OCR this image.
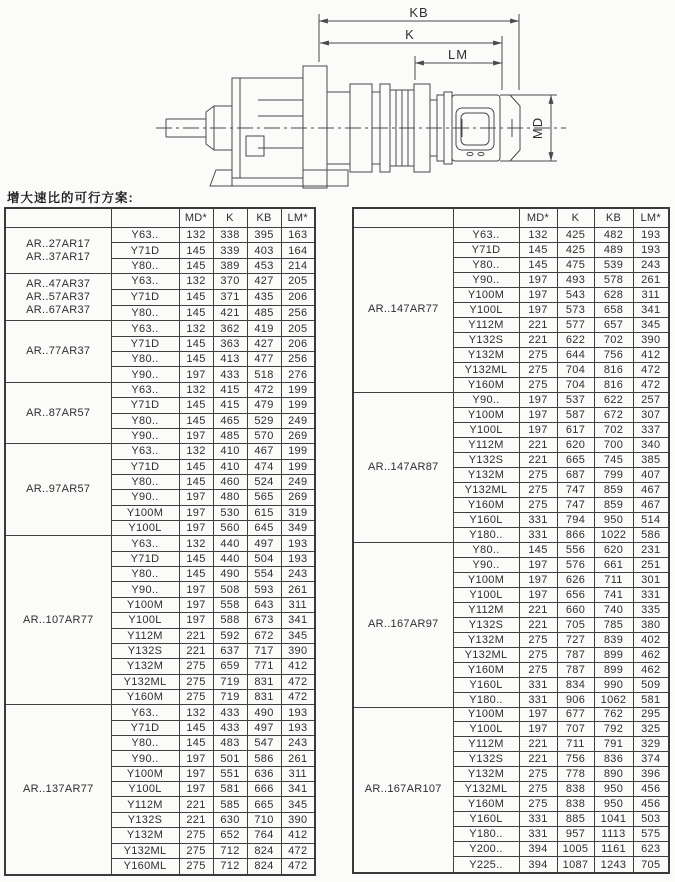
KB
K
LM
MD
增大速比的可行方案:
		MD*	K	KB	LM*

AR..27AR17
AR..37AR17	Y63..	132	338	395	163
	Y71D	145	339	403	164
	Y80..	145	389	453	214

AR..47AR37
AR..57AR37
AR..67AR37	Y63..	132	370	427	205
	Y71D	145	371	435	206
	Y80..	145	421	485	256

AR..77AR37	Y63..	132	362	419	205
	Y71D	145	363	427	206
	Y80..	145	413	477	256
	Y90..	197	433	518	276

AR..87AR57	Y63..	132	415	472	199
	Y71D	145	415	479	199
	Y80..	145	465	529	249
	Y90..	197	485	570	269

AR..97AR57	Y63..	132	410	467	199
	Y71D	145	410	474	199
	Y80..	145	460	524	249
	Y90..	197	480	565	269
	Y100M	197	530	615	319
	Y100L	197	560	645	349

AR..107AR77	Y63..	132	440	497	193
	Y71D	145	440	504	193
	Y80..	145	490	554	243
	Y90..	197	508	593	261
	Y100M	197	558	643	311
	Y100L	197	588	673	341
	Y112M	221	592	672	345
	Y132S	221	637	717	390
	Y132M	275	659	771	412
	Y132ML	275	719	831	472
	Y160M	275	719	831	472

AR..137AR77	Y63..	132	433	490	193
	Y71D	145	433	497	193
	Y80..	145	483	547	243
	Y90..	197	501	586	261
	Y100M	197	551	636	311
	Y100L	197	581	666	341
	Y112M	221	585	665	345
	Y132S	221	630	710	390
	Y132M	275	652	764	412
	Y132ML	275	712	824	472
	Y160ML	275	712	824	472
		MD*	K	KB	LM*

AR..147AR77	Y63..	132	425	482	193
	Y71D	145	425	489	193
	Y80..	145	475	539	243
	Y90..	197	493	578	261
	Y100M	197	543	628	311
	Y100L	197	573	658	341
	Y112M	221	577	657	345
	Y132S	221	622	702	390
	Y132M	275	644	756	412
	Y132ML	275	704	816	472
	Y160M	275	704	816	472

AR..147AR87	Y90..	197	537	622	257
	Y100M	197	587	672	307
	Y100L	197	617	702	337
	Y112M	221	620	700	340
	Y132S	221	665	745	385
	Y132M	275	687	799	407
	Y132ML	275	747	859	467
	Y160M	275	747	859	467
	Y160L	331	794	950	514
	Y180..	331	866	1022	586

AR..167AR97	Y80..	145	556	620	231
	Y90..	197	576	661	251
	Y100M	197	626	711	301
	Y100L	197	656	741	331
	Y112M	221	660	740	335
	Y132S	221	705	785	380
	Y132M	275	727	839	402
	Y132ML	275	787	899	462
	Y160M	275	787	899	462
	Y160L	331	834	990	509
	Y180..	331	906	1062	581

AR..167AR107	Y100M	197	677	762	295
	Y100L	197	707	792	325
	Y112M	221	711	791	329
	Y132S	221	756	836	374
	Y132M	275	778	890	396
	Y132ML	275	838	950	456
	Y160M	275	838	950	456
	Y160L	331	885	1041	503
	Y180..	331	957	1113	575
	Y200..	394	1005	1161	623
	Y225..	394	1087	1243	705
